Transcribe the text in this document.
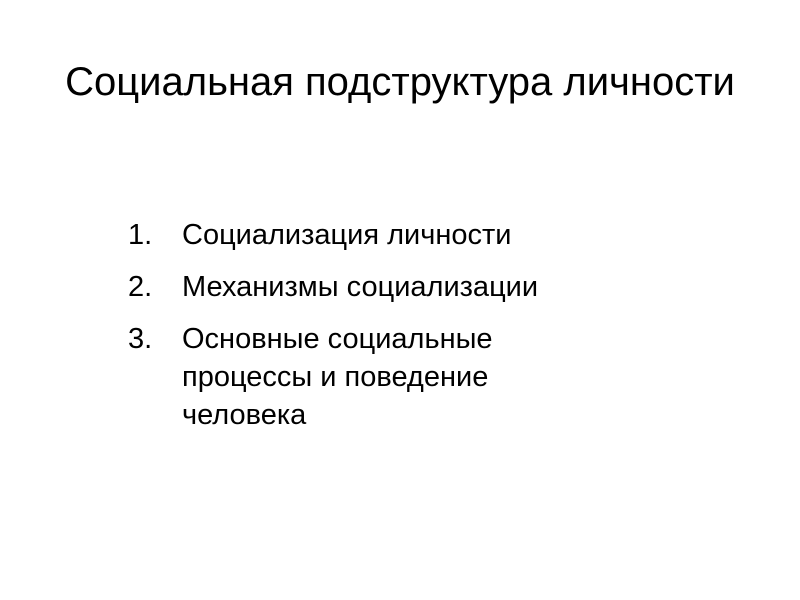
Социальная подструктура личности
1. Социализация личности
2. Механизмы социализации
3. Основные социальные процессы и поведение человека
